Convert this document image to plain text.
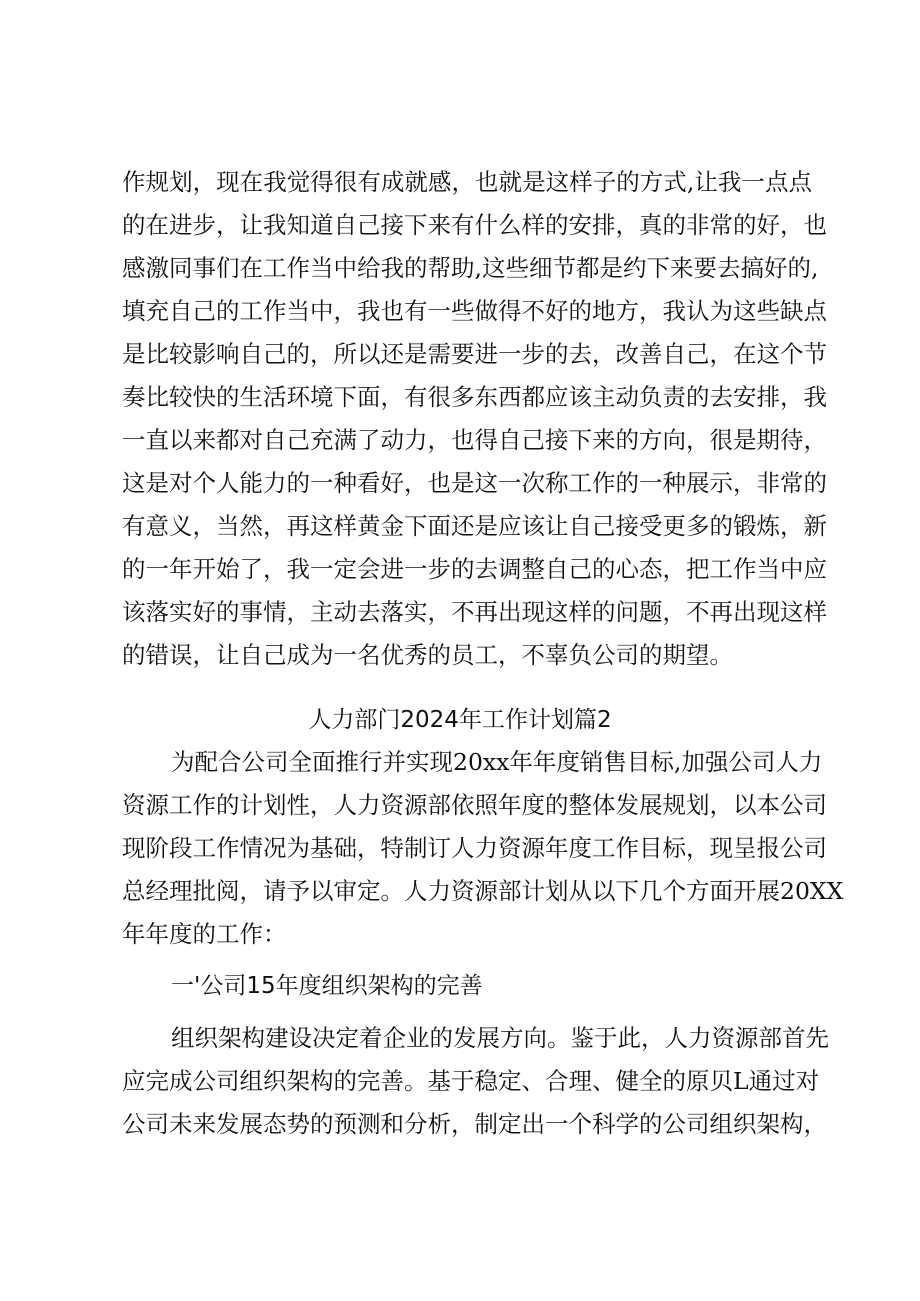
作规划，现在我觉得很有成就感，也就是这样子的方式,让我一点点
的在进步，让我知道自己接下来有什么样的安排，真的非常的好，也
感激同事们在工作当中给我的帮助,这些细节都是约下来要去搞好的,
填充自己的工作当中，我也有一些做得不好的地方，我认为这些缺点
是比较影响自己的，所以还是需要进一步的去，改善自己，在这个节
奏比较快的生活环境下面，有很多东西都应该主动负责的去安排，我
一直以来都对自己充满了动力，也得自己接下来的方向，很是期待，
这是对个人能力的一种看好，也是这一次称工作的一种展示，非常的
有意义，当然，再这样黄金下面还是应该让自己接受更多的锻炼，新
的一年开始了，我一定会进一步的去调整自己的心态，把工作当中应
该落实好的事情，主动去落实，不再出现这样的问题，不再出现这样
的错误，让自己成为一名优秀的员工，不辜负公司的期望。
人力部门2024年工作计划篇2
为配合公司全面推行并实现20xx年年度销售目标,加强公司人力
资源工作的计划性，人力资源部依照年度的整体发展规划，以本公司
现阶段工作情况为基础，特制订人力资源年度工作目标，现呈报公司
总经理批阅，请予以审定。人力资源部计划从以下几个方面开展20XX
年年度的工作：
一'公司15年度组织架构的完善
组织架构建设决定着企业的发展方向。鉴于此，人力资源部首先
应完成公司组织架构的完善。基于稳定、合理、健全的原贝L通过对
公司未来发展态势的预测和分析，制定出一个科学的公司组织架构，
